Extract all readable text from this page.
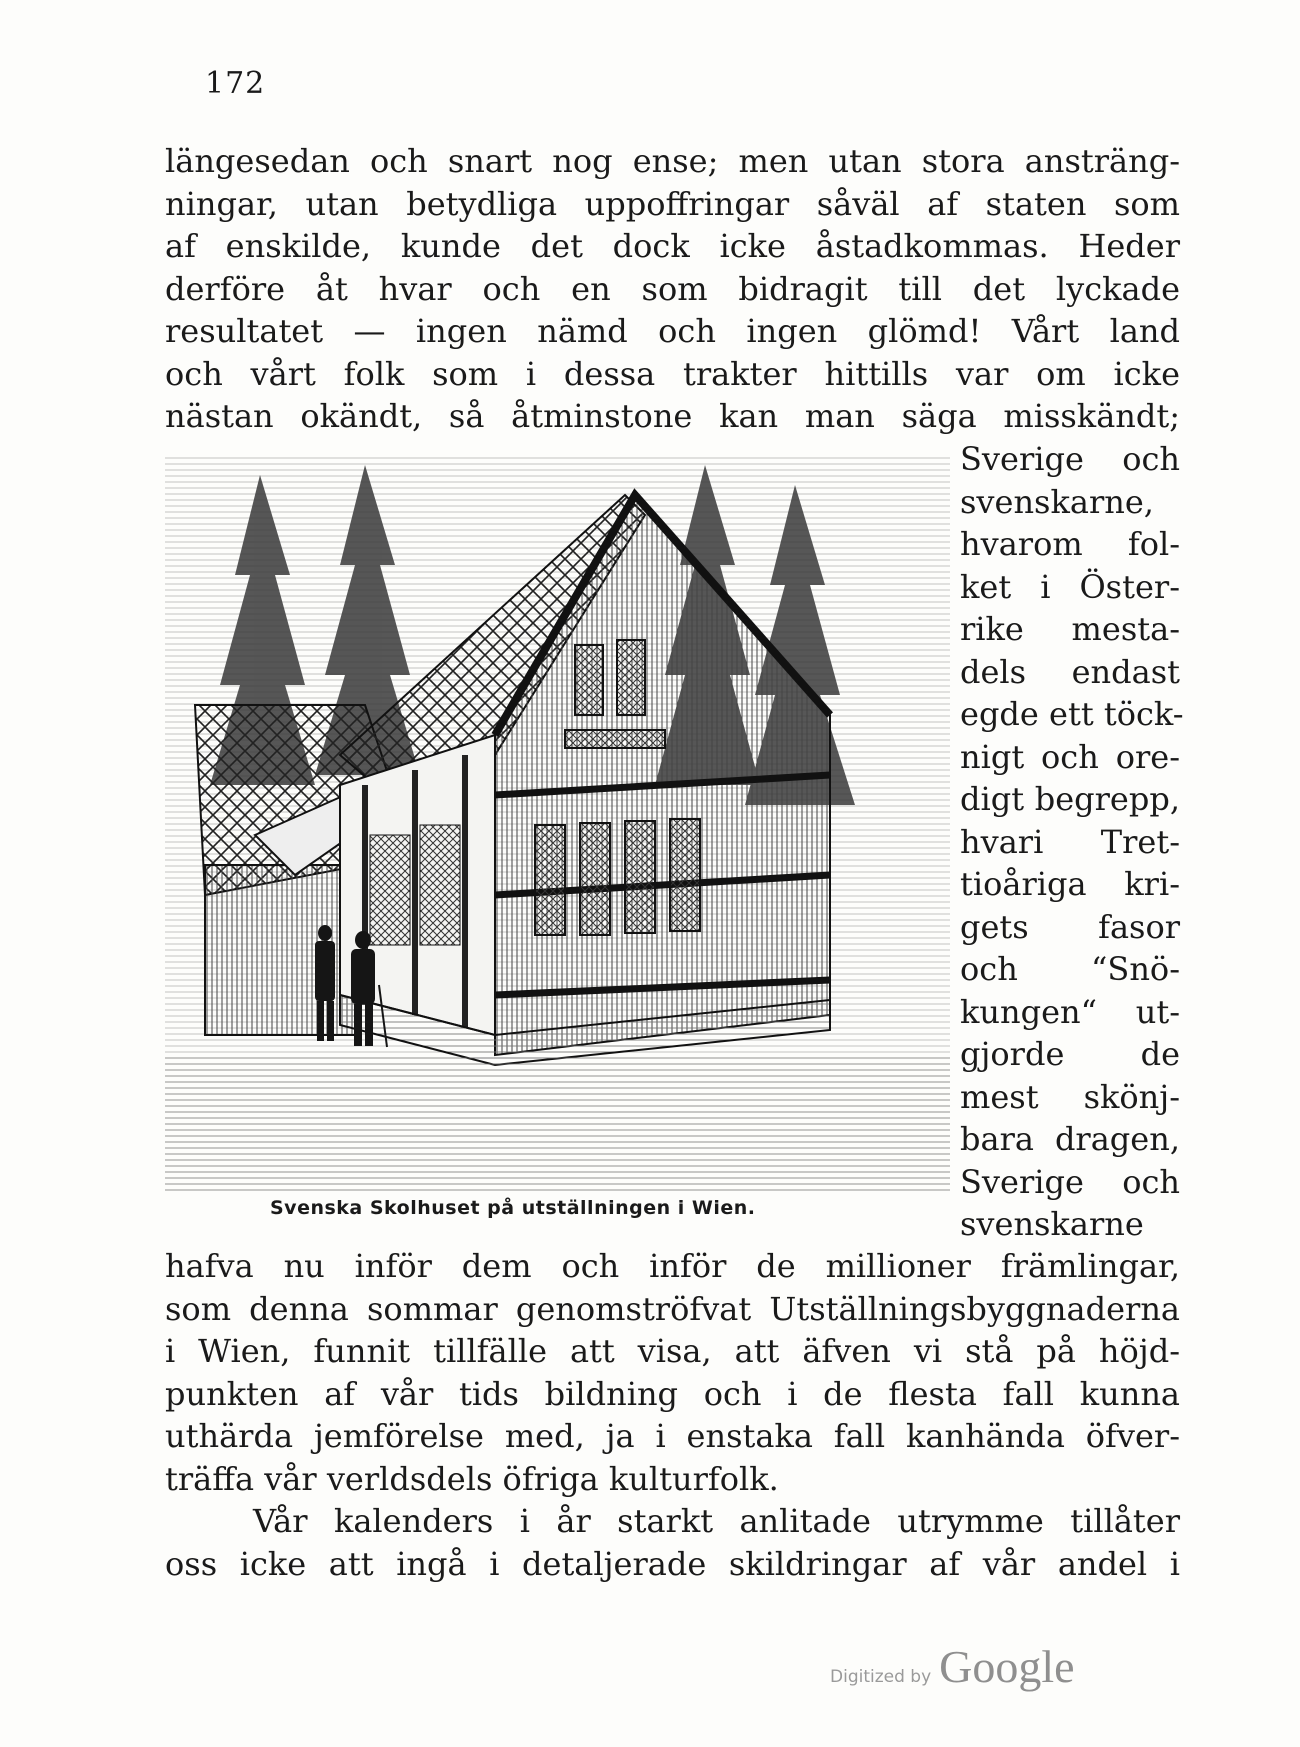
172
längesedan och snart nog ense; men utan stora ansträng-
ningar, utan betydliga uppoffringar såväl af staten som
af enskilde, kunde det dock icke åstadkommas. Heder
derföre åt hvar och en som bidragit till det lyckade
resultatet — ingen nämd och ingen glömd! Vårt land
och vårt folk som i dessa trakter hittills var om icke
nästan okändt, så åtminstone kan man säga misskändt;
Svenska Skolhuset på utställningen i Wien.
Sverige och
svenskarne,
hvarom fol-
ket i Öster-
rike mesta-
dels endast
egde ett töck-
nigt och ore-
digt begrepp,
hvari Tret-
tioåriga kri-
gets fasor
och “Snö-
kungen“ ut-
gjorde de
mest skönj-
bara dragen,
Sverige och
svenskarne
hafva nu inför dem och inför de millioner främlingar,
som denna sommar genomströfvat Utställningsbyggnaderna
i Wien, funnit tillfälle att visa, att äfven vi stå på höjd-
punkten af vår tids bildning och i de flesta fall kunna
uthärda jemförelse med, ja i enstaka fall kanhända öfver-
träffa vår verldsdels öfriga kulturfolk.
Vår kalenders i år starkt anlitade utrymme tillåter
oss icke att ingå i detaljerade skildringar af vår andel i
Digitized by Google
